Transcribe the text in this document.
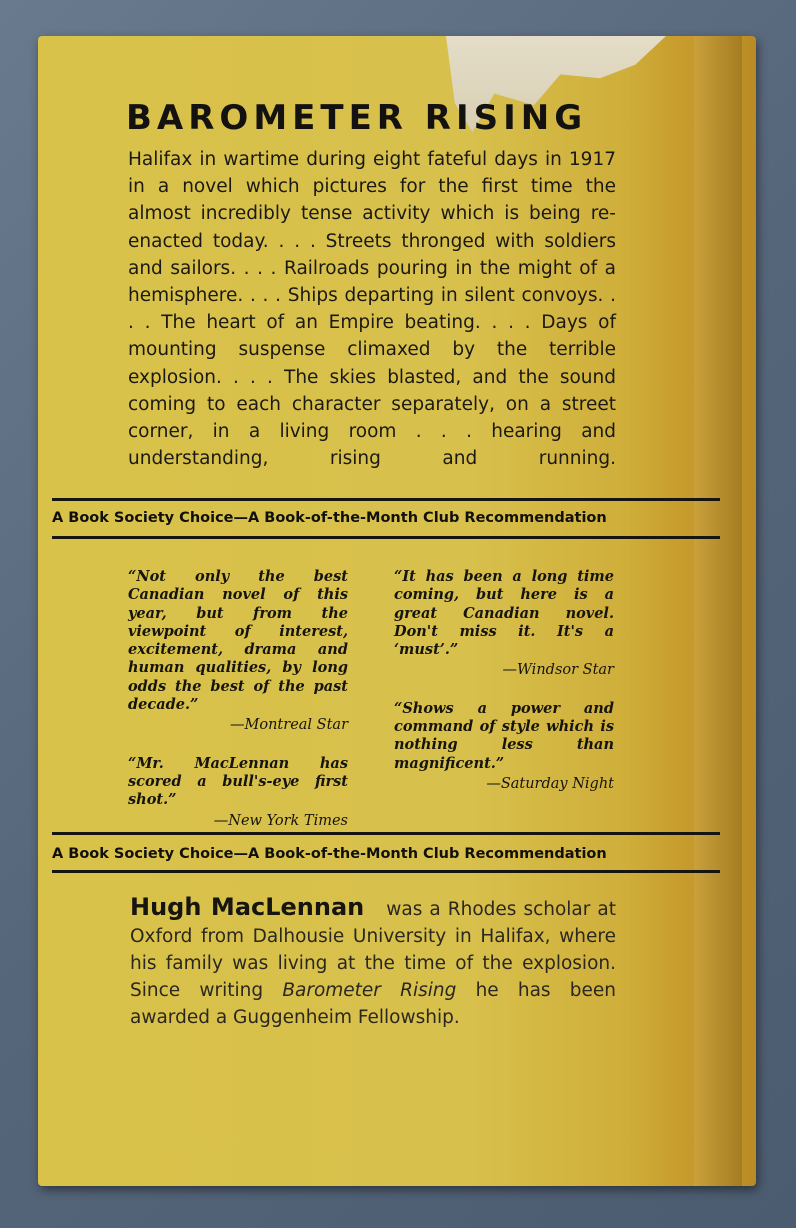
BAROMETER RISING

Halifax in wartime during eight fateful days in 1917 in a novel which pictures for the first time the almost incredibly tense activity which is being re-enacted today. . . . Streets thronged with soldiers and sailors. . . . Railroads pouring in the might of a hemisphere. . . . Ships departing in silent convoys. . . . The heart of an Empire beating. . . . Days of mounting suspense climaxed by the terrible explosion. . . . The skies blasted, and the sound coming to each character separately, on a street corner, in a living room . . . hearing and understanding, rising and running.

A Book Society Choice—A Book-of-the-Month Club Recommendation

“Not only the best Canadian novel of this year, but from the viewpoint of interest, excitement, drama and human qualities, by long odds the best of the past decade.”

—Montreal Star

“Mr. MacLennan has scored a bull's-eye first shot.”

—New York Times

“It has been a long time coming, but here is a great Canadian novel. Don't miss it. It's a ‘must’.”

—Windsor Star

“Shows a power and command of style which is nothing less than magnificent.”

—Saturday Night

A Book Society Choice—A Book-of-the-Month Club Recommendation

Hugh MacLennan was a Rhodes scholar at Oxford from Dalhousie University in Halifax, where his family was living at the time of the explosion. Since writing Barometer Rising he has been awarded a Guggenheim Fellowship.
